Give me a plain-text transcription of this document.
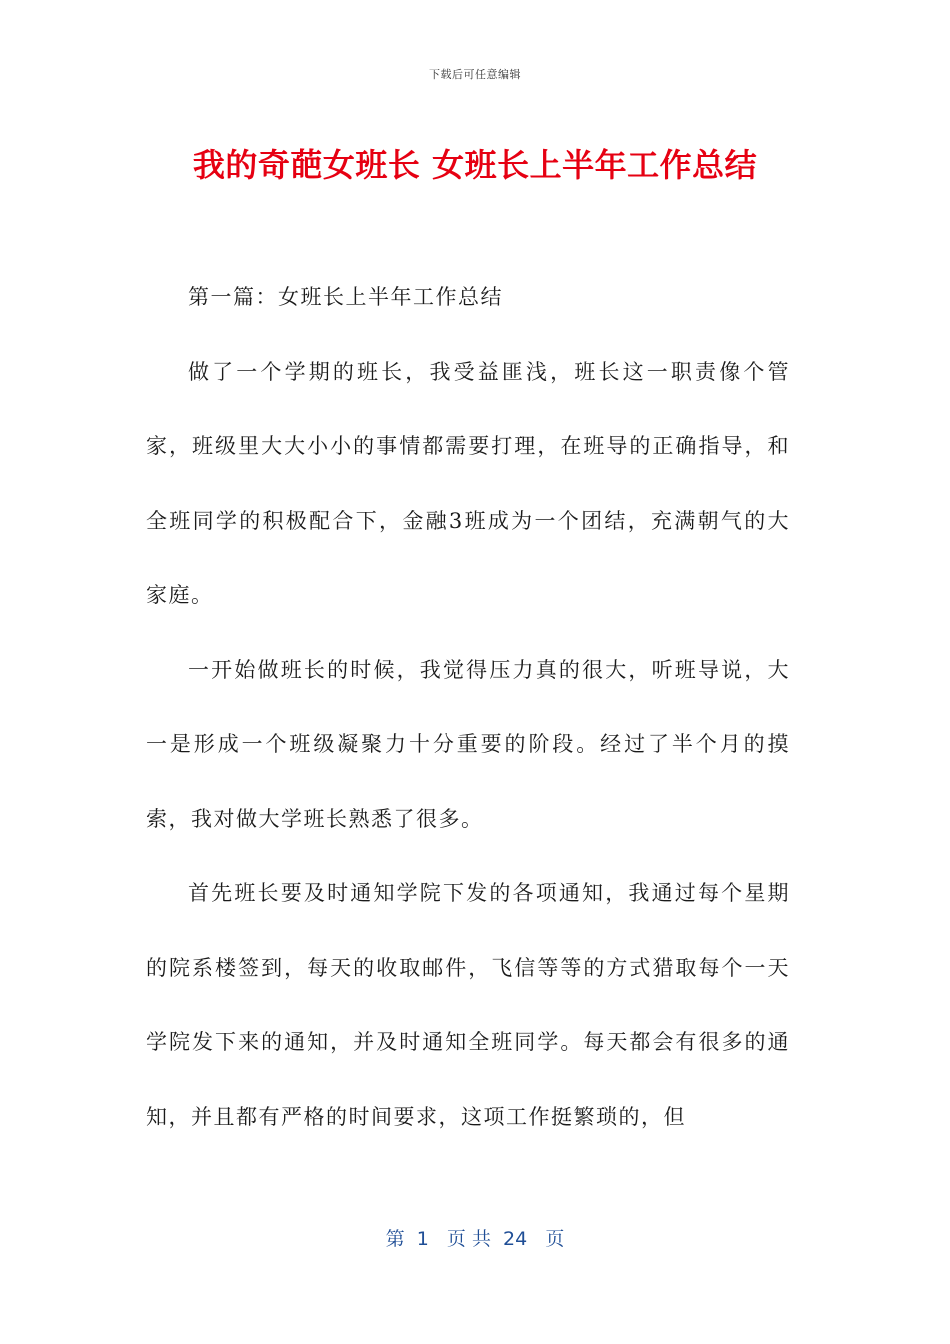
下载后可任意编辑
我的奇葩女班长 女班长上半年工作总结

第一篇：女班长上半年工作总结

做了一个学期的班长，我受益匪浅，班长这一职责像个管家，班级里大大小小的事情都需要打理，在班导的正确指导，和全班同学的积极配合下，金融3班成为一个团结，充满朝气的大家庭。

一开始做班长的时候，我觉得压力真的很大，听班导说，大一是形成一个班级凝聚力十分重要的阶段。经过了半个月的摸索，我对做大学班长熟悉了很多。

首先班长要及时通知学院下发的各项通知，我通过每个星期的院系楼签到，每天的收取邮件，飞信等等的方式猎取每个一天学院发下来的通知，并及时通知全班同学。每天都会有很多的通知，并且都有严格的时间要求，这项工作挺繁琐的，但

第  1   页 共  24   页
